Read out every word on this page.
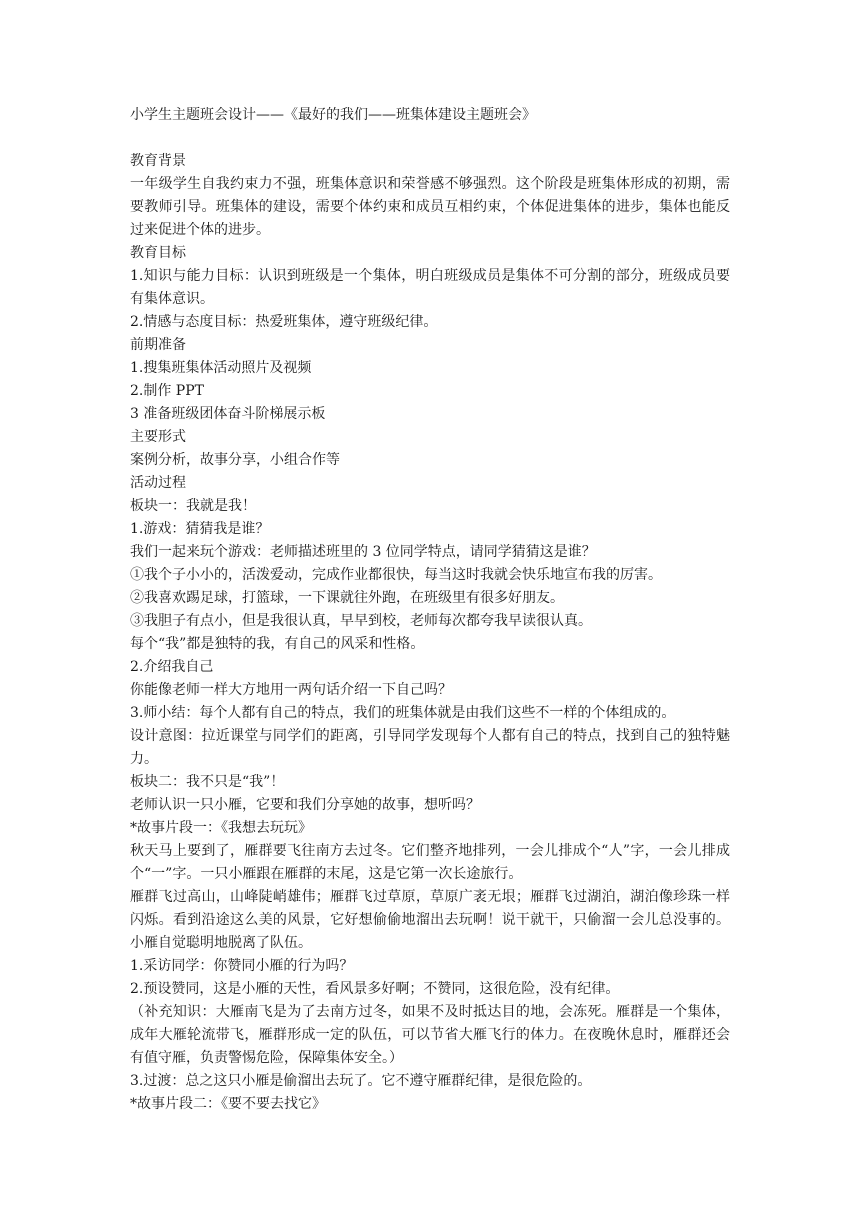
小学生主题班会设计——《最好的我们——班集体建设主题班会》

教育背景

一年级学生自我约束力不强，班集体意识和荣誉感不够强烈。这个阶段是班集体形成的初期，需要教师引导。班集体的建设，需要个体约束和成员互相约束，个体促进集体的进步，集体也能反过来促进个体的进步。

教育目标

1.知识与能力目标：认识到班级是一个集体，明白班级成员是集体不可分割的部分，班级成员要有集体意识。

2.情感与态度目标：热爱班集体，遵守班级纪律。

前期准备

1.搜集班集体活动照片及视频

2.制作 PPT

3 准备班级团体奋斗阶梯展示板

主要形式

案例分析，故事分享，小组合作等

活动过程

板块一：我就是我！

1.游戏：猜猜我是谁？

我们一起来玩个游戏：老师描述班里的 3 位同学特点，请同学猜猜这是谁？

①我个子小小的，活泼爱动，完成作业都很快，每当这时我就会快乐地宣布我的厉害。

②我喜欢踢足球，打篮球，一下课就往外跑，在班级里有很多好朋友。

③我胆子有点小，但是我很认真，早早到校，老师每次都夸我早读很认真。

每个“我”都是独特的我，有自己的风采和性格。

2.介绍我自己

你能像老师一样大方地用一两句话介绍一下自己吗？

3.师小结：每个人都有自己的特点，我们的班集体就是由我们这些不一样的个体组成的。

设计意图：拉近课堂与同学们的距离，引导同学发现每个人都有自己的特点，找到自己的独特魅力。

板块二：我不只是“我”！

老师认识一只小雁，它要和我们分享她的故事，想听吗？

*故事片段一：《我想去玩玩》

秋天马上要到了，雁群要飞往南方去过冬。它们整齐地排列，一会儿排成个“人”字，一会儿排成个“一”字。一只小雁跟在雁群的末尾，这是它第一次长途旅行。

雁群飞过高山，山峰陡峭雄伟；雁群飞过草原，草原广袤无垠；雁群飞过湖泊，湖泊像珍珠一样闪烁。看到沿途这么美的风景，它好想偷偷地溜出去玩啊！说干就干，只偷溜一会儿总没事的。小雁自觉聪明地脱离了队伍。

1.采访同学：你赞同小雁的行为吗？

2.预设赞同，这是小雁的天性，看风景多好啊；不赞同，这很危险，没有纪律。

（补充知识：大雁南飞是为了去南方过冬，如果不及时抵达目的地，会冻死。雁群是一个集体，成年大雁轮流带飞，雁群形成一定的队伍，可以节省大雁飞行的体力。在夜晚休息时，雁群还会有值守雁，负责警惕危险，保障集体安全。）

3.过渡：总之这只小雁是偷溜出去玩了。它不遵守雁群纪律，是很危险的。

*故事片段二：《要不要去找它》
